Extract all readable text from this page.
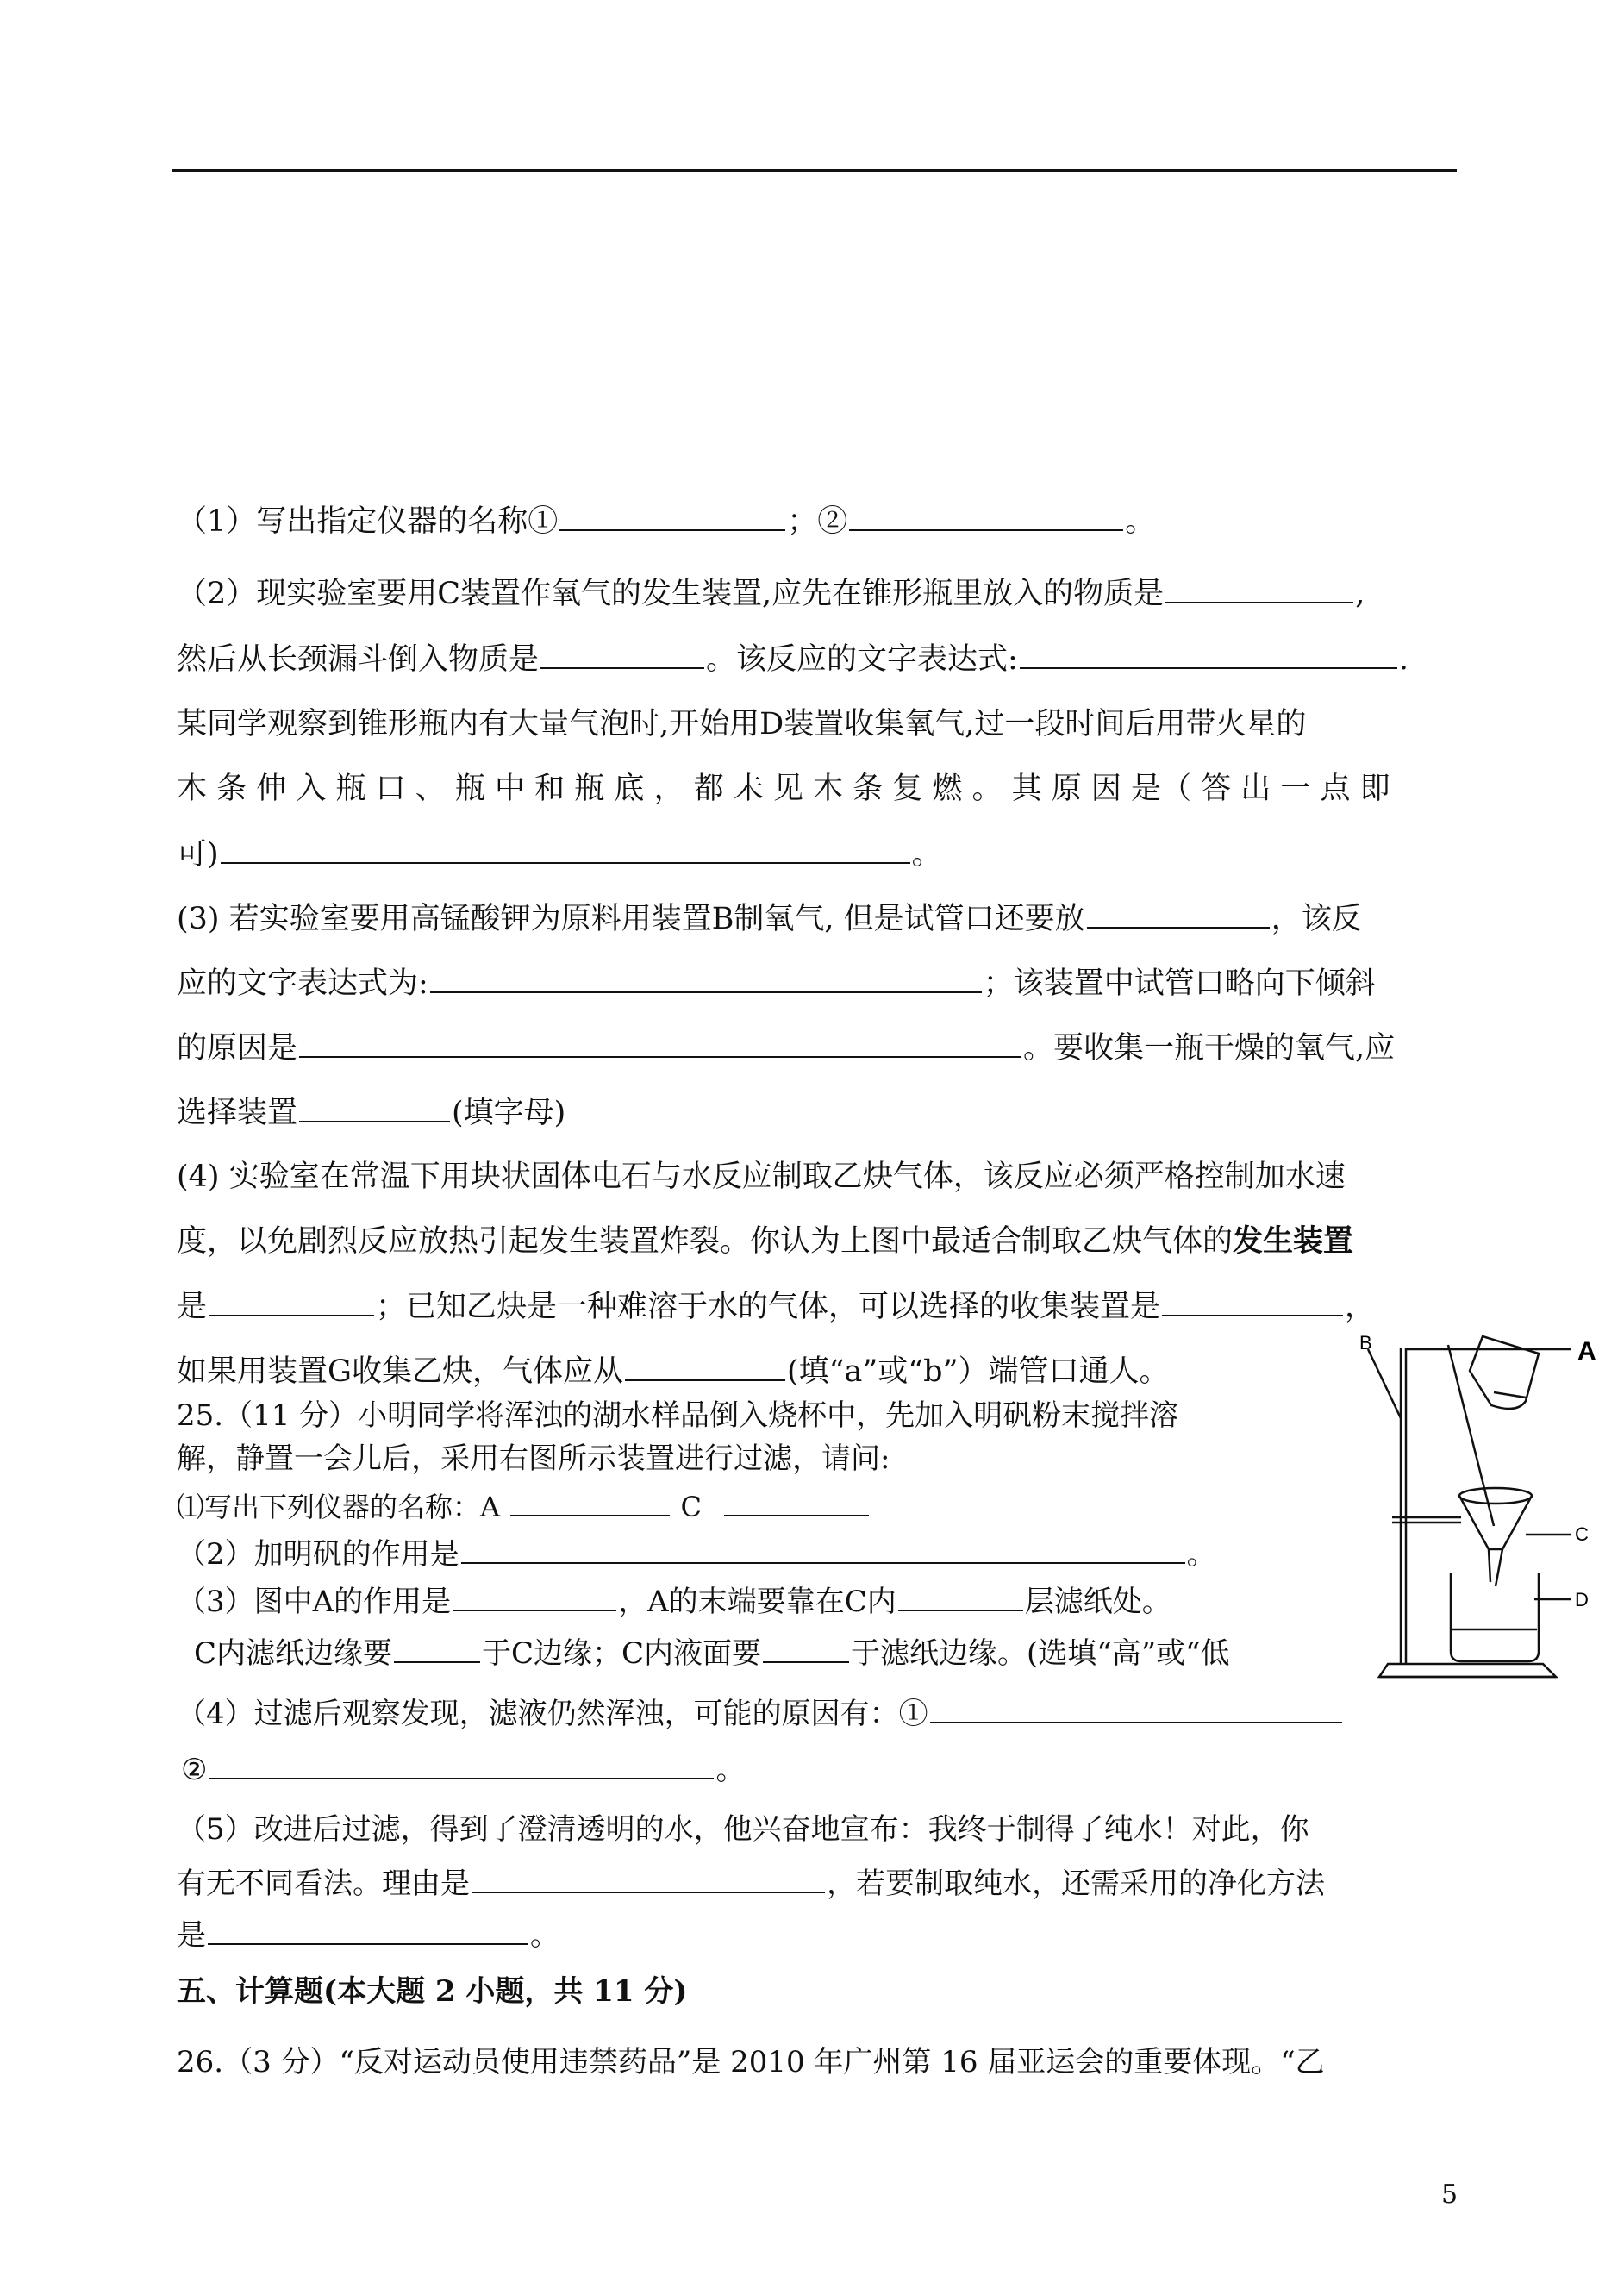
（1）写出指定仪器的名称①	；②	。
（2）现实验室要用C装置作氧气的发生装置,应先在锥形瓶里放入的物质是	,
然后从长颈漏斗倒入物质是	。该反应的文字表达式:	.
某同学观察到锥形瓶内有大量气泡时,开始用D装置收集氧气,过一段时间后用带火星的
木 条 伸 入 瓶 口 、 瓶 中 和 瓶 底 ， 都 未 见 木 条 复 燃 。 其 原 因 是（ 答 出 一 点 即
可)	。
(3) 若实验室要用高锰酸钾为原料用装置B制氧气, 但是试管口还要放	，该反
应的文字表达式为:	；该装置中试管口略向下倾斜
的原因是	。要收集一瓶干燥的氧气,应
选择装置	(填字母)
(4) 实验室在常温下用块状固体电石与水反应制取乙炔气体，该反应必须严格控制加水速
度，以免剧烈反应放热引起发生装置炸裂。你认为上图中最适合制取乙炔气体的发生装置
是	；已知乙炔是一种难溶于水的气体，可以选择的收集装置是	，
如果用装置G收集乙炔，气体应从	(填“a”或“b”）端管口通人。
25.（11 分）小明同学将浑浊的湖水样品倒入烧杯中，先加入明矾粉末搅拌溶
解，静置一会儿后，采用右图所示装置进行过滤，请问:
⑴写出下列仪器的名称：A	C
（2）加明矾的作用是	。
（3）图中A的作用是	，A的末端要靠在C内	层滤纸处。
C内滤纸边缘要	于C边缘；C内液面要	于滤纸边缘。(选填“高”或“低
（4）过滤后观察发现，滤液仍然浑浊，可能的原因有：①
②	。
（5）改进后过滤，得到了澄清透明的水，他兴奋地宣布：我终于制得了纯水！对此，你
有无不同看法。理由是	，若要制取纯水，还需采用的净化方法
是	。
五、计算题(本大题 2 小题，共 11 分)
26.（3 分）“反对运动员使用违禁药品”是 2010 年广州第 16 届亚运会的重要体现。“乙
A
B
C
D
5
